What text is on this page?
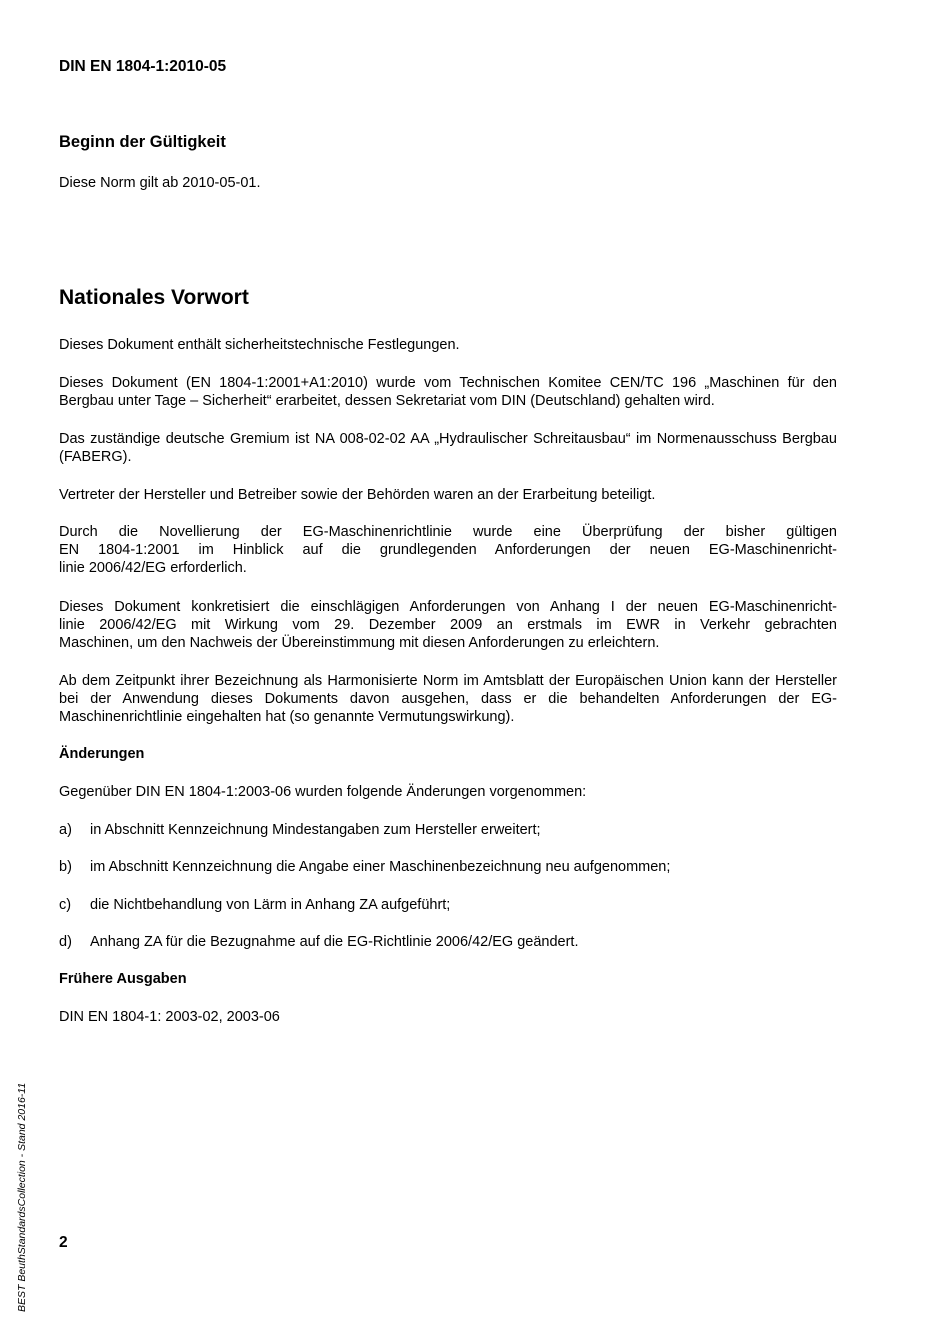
DIN EN 1804-1:2010-05
Beginn der Gültigkeit
Diese Norm gilt ab 2010-05-01.
Nationales Vorwort
Dieses Dokument enthält sicherheitstechnische Festlegungen.
Dieses Dokument (EN 1804-1:2001+A1:2010) wurde vom Technischen Komitee CEN/TC 196 „Maschinen für den Bergbau unter Tage – Sicherheit“ erarbeitet, dessen Sekretariat vom DIN (Deutschland) gehalten wird.
Das zuständige deutsche Gremium ist NA 008-02-02 AA „Hydraulischer Schreitausbau“ im Normenausschuss Bergbau (FABERG).
Vertreter der Hersteller und Betreiber sowie der Behörden waren an der Erarbeitung beteiligt.
Durch die Novellierung der EG-Maschinenrichtlinie wurde eine Überprüfung der bisher gültigen
EN 1804-1:2001 im Hinblick auf die grundlegenden Anforderungen der neuen EG-Maschinenricht-
linie 2006/42/EG erforderlich.
Dieses Dokument konkretisiert die einschlägigen Anforderungen von Anhang I der neuen EG-Maschinenricht-
linie 2006/42/EG mit Wirkung vom 29. Dezember 2009 an erstmals im EWR in Verkehr gebrachten
Maschinen, um den Nachweis der Übereinstimmung mit diesen Anforderungen zu erleichtern.
Ab dem Zeitpunkt ihrer Bezeichnung als Harmonisierte Norm im Amtsblatt der Europäischen Union kann der Hersteller bei der Anwendung dieses Dokuments davon ausgehen, dass er die behandelten Anforderungen der EG-Maschinenrichtlinie eingehalten hat (so genannte Vermutungswirkung).
Änderungen
Gegenüber DIN EN 1804-1:2003-06 wurden folgende Änderungen vorgenommen:
a) in Abschnitt Kennzeichnung Mindestangaben zum Hersteller erweitert;
b) im Abschnitt Kennzeichnung die Angabe einer Maschinenbezeichnung neu aufgenommen;
c) die Nichtbehandlung von Lärm in Anhang ZA aufgeführt;
d) Anhang ZA für die Bezugnahme auf die EG-Richtlinie 2006/42/EG geändert.
Frühere Ausgaben
DIN EN 1804-1: 2003-02, 2003-06
2
BEST BeuthStandardsCollection - Stand 2016-11
